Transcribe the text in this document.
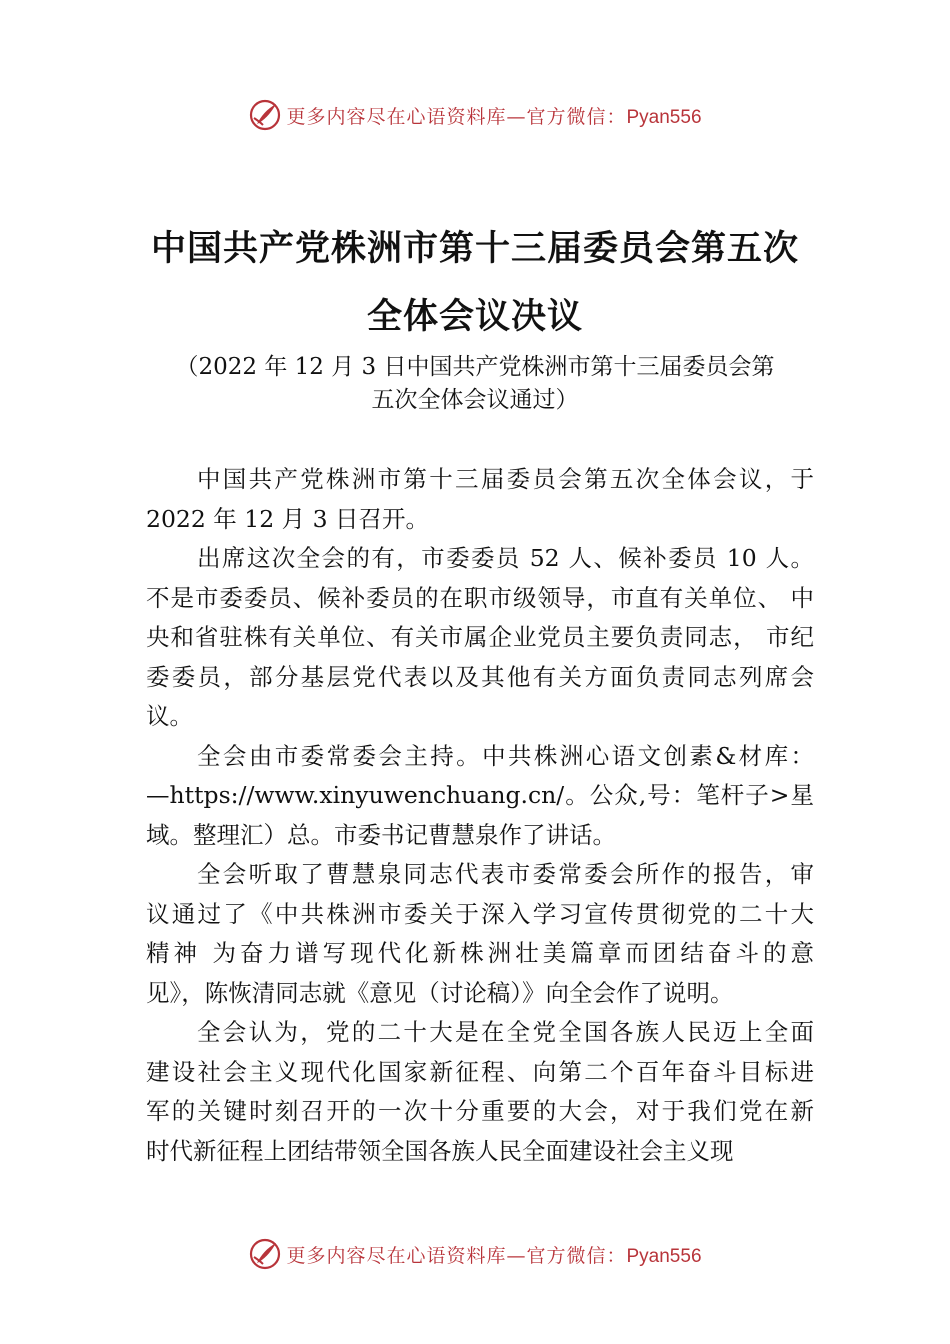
更多内容尽在心语资料库—官方微信：Pyan556
中国共产党株洲市第十三届委员会第五次
全体会议决议
（2022 年 12 月 3 日中国共产党株洲市第十三届委员会第
五次全体会议通过）
中国共产党株洲市第十三届委员会第五次全体会议，于
2022 年 12 月 3 日召开。
出席这次全会的有，市委委员 52 人、候补委员 10 人。
不是市委委员、候补委员的在职市级领导，市直有关单位、 中
央和省驻株有关单位、有关市属企业党员主要负责同志， 市纪
委委员，部分基层党代表以及其他有关方面负责同志列席会
议。
全会由市委常委会主持。中共株洲心语文创素&材库：
—https://www.xinyuwenchuang.cn/。公众,号：笔杆子>星
域。整理汇）总。市委书记曹慧泉作了讲话。
全会听取了曹慧泉同志代表市委常委会所作的报告，审
议通过了《中共株洲市委关于深入学习宣传贯彻党的二十大
精神 为奋力谱写现代化新株洲壮美篇章而团结奋斗的意
见》，陈恢清同志就《意见（讨论稿）》向全会作了说明。
全会认为，党的二十大是在全党全国各族人民迈上全面
建设社会主义现代化国家新征程、向第二个百年奋斗目标进
军的关键时刻召开的一次十分重要的大会，对于我们党在新
时代新征程上团结带领全国各族人民全面建设社会主义现
更多内容尽在心语资料库—官方微信：Pyan556
